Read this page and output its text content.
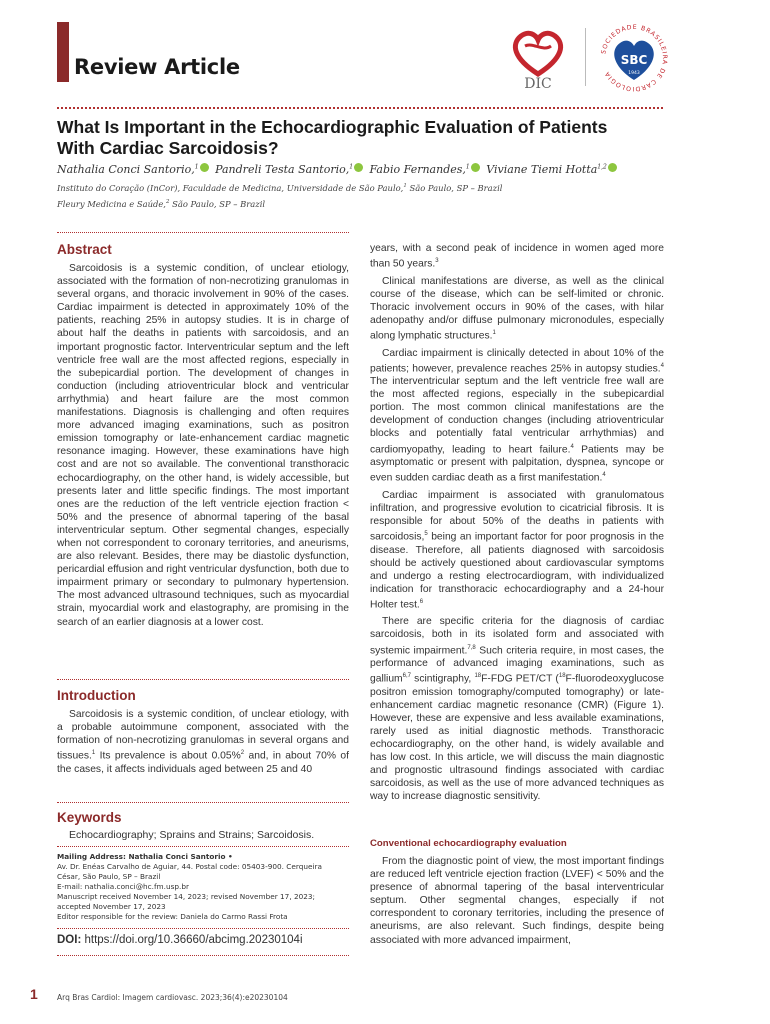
Review Article
DIC
SOCIEDADE BRASILEIRA DE CARDIOLOGIA
SBC
1943
What Is Important in the Echocardiographic Evaluation of Patients
With Cardiac Sarcoidosis?
Nathalia Conci Santorio,$^1$ Pandreli Testa Santorio,$^1$ Fabio Fernandes,$^1$ Viviane Tiemi Hotta$^{1,2}$
Instituto do Coração (InCor), Faculdade de Medicina, Universidade de São Paulo,$^1$ São Paulo, SP – Brazil
Fleury Medicina e Saúde,$^2$ São Paulo, SP – Brazil
Abstract

Sarcoidosis is a systemic condition, of unclear etiology, associated with the formation of non-necrotizing granulomas in several organs, and thoracic involvement in 90% of the cases. Cardiac impairment is detected in approximately 10% of the patients, reaching 25% in autopsy studies. It is in charge of about half the deaths in patients with sarcoidosis, and an important prognostic factor. Interventricular septum and the left ventricle free wall are the most affected regions, especially in the subepicardial portion. The development of changes in conduction (including atrioventricular block and ventricular arrhythmia) and heart failure are the most common manifestations. Diagnosis is challenging and often requires more advanced imaging examinations, such as positron emission tomography or late-enhancement cardiac magnetic resonance imaging. However, these examinations have high cost and are not so available. The conventional transthoracic echocardiography, on the other hand, is widely accessible, but presents later and little specific findings. The most important ones are the reduction of the left ventricle ejection fraction < 50% and the presence of abnormal tapering of the basal interventricular septum. Other segmental changes, especially when not correspondent to coronary territories, and aneurisms, are also relevant. Besides, there may be diastolic dysfunction, pericardial effusion and right ventricular dysfunction, both due to impairment primary or secondary to pulmonary hypertension. The most advanced ultrasound techniques, such as myocardial strain, myocardial work and elastography, are promising in the search of an earlier diagnosis at a lower cost.

Introduction

Sarcoidosis is a systemic condition, of unclear etiology, with a probable autoimmune component, associated with the formation of non-necrotizing granulomas in several organs and tissues.$^1$ Its prevalence is about 0.05%$^2$ and, in about 70% of the cases, it affects individuals aged between 25 and 40

Keywords
Echocardiography; Sprains and Strains; Sarcoidosis.
Mailing Address: Nathalia Conci Santorio •
Av. Dr. Enéas Carvalho de Aguiar, 44. Postal code: 05403-900. Cerqueira
César, São Paulo, SP – Brazil
E-mail: nathalia.conci@hc.fm.usp.br
Manuscript received November 14, 2023; revised November 17, 2023;
accepted November 17, 2023
Editor responsible for the review: Daniela do Carmo Rassi Frota
DOI: https://doi.org/10.36660/abcimg.20230104i

years, with a second peak of incidence in women aged more than 50 years.$^3$

Clinical manifestations are diverse, as well as the clinical course of the disease, which can be self-limited or chronic. Thoracic involvement occurs in 90% of the cases, with hilar adenopathy and/or diffuse pulmonary micronodules, especially along lymphatic structures.$^1$

Cardiac impairment is clinically detected in about 10% of the patients; however, prevalence reaches 25% in autopsy studies.$^4$ The interventricular septum and the left ventricle free wall are the most affected regions, especially in the subepicardial portion. The most common clinical manifestations are the development of conduction changes (including atrioventricular blocks and potentially fatal ventricular arrhythmias) and cardiomyopathy, leading to heart failure.$^4$ Patients may be asymptomatic or present with palpitation, dyspnea, syncope or even sudden cardiac death as a first manifestation.$^4$

Cardiac impairment is associated with granulomatous infiltration, and progressive evolution to cicatricial fibrosis. It is responsible for about 50% of the deaths in patients with sarcoidosis,$^5$ being an important factor for poor prognosis in the disease. Therefore, all patients diagnosed with sarcoidosis should be actively questioned about cardiovascular symptoms and undergo a resting electrocardiogram, with individualized indication for transthoracic echocardiography and a 24-hour Holter test.$^6$

There are specific criteria for the diagnosis of cardiac sarcoidosis, both in its isolated form and associated with systemic impairment.$^{7,8}$ Such criteria require, in most cases, the performance of advanced imaging examinations, such as gallium$^{6,7}$ scintigraphy, $^{18}$F-FDG PET/CT ($^{18}$F-fluorodeoxyglucose positron emission tomography/computed tomography) or late-enhancement cardiac magnetic resonance (CMR) (Figure 1). However, these are expensive and less available examinations, rarely used as initial diagnostic methods. Transthoracic echocardiography, on the other hand, is widely available and has low cost. In this article, we will discuss the main diagnostic and prognostic ultrasound findings associated with cardiac sarcoidosis, as well as the use of more advanced techniques as way to increase diagnostic sensitivity.

Conventional echocardiography evaluation

From the diagnostic point of view, the most important findings are reduced left ventricle ejection fraction (LVEF) < 50% and the presence of abnormal tapering of the basal interventricular septum. Other segmental changes, especially if not correspondent to coronary territories, including the presence of aneurisms, are also relevant. Such findings, despite being associated with more advanced impairment,

1	Arq Bras Cardiol: Imagem cardiovasc. 2023;36(4):e20230104
